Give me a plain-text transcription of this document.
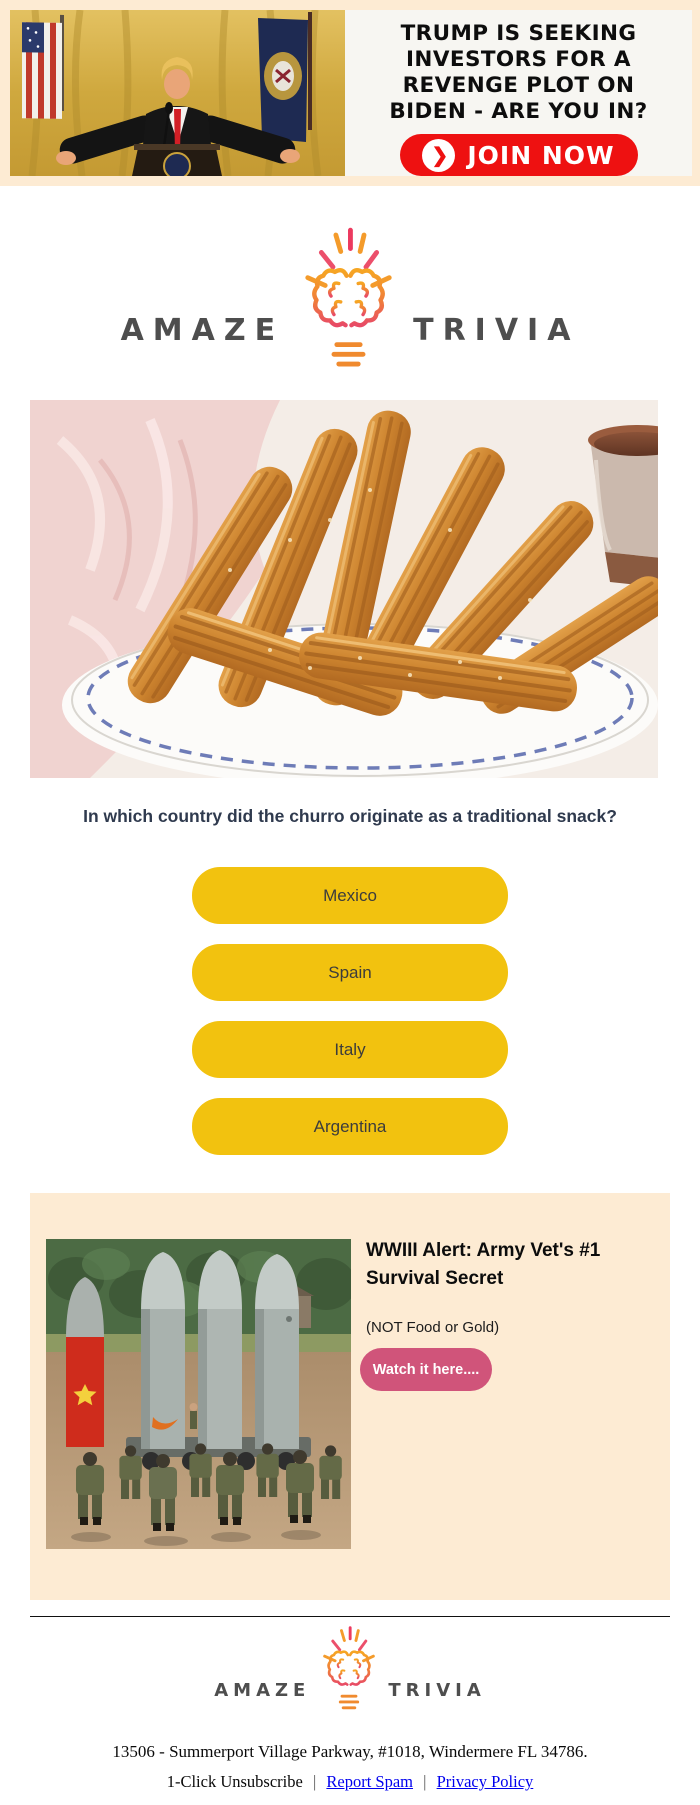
TRUMP IS SEEKING
INVESTORS FOR A
REVENGE PLOT ON
BIDEN - ARE YOU IN?
❯ JOIN NOW
AMAZE	TRIVIA
In which country did the churro originate as a traditional snack?
Mexico
Spain
Italy
Argentina
WWIII Alert: Army Vet's #1 Survival Secret
(NOT Food or Gold)
Watch it here....
AMAZE	TRIVIA
13506 - Summerport Village Parkway, #1018, Windermere FL 34786.
1-Click Unsubscribe | Report Spam | Privacy Policy
